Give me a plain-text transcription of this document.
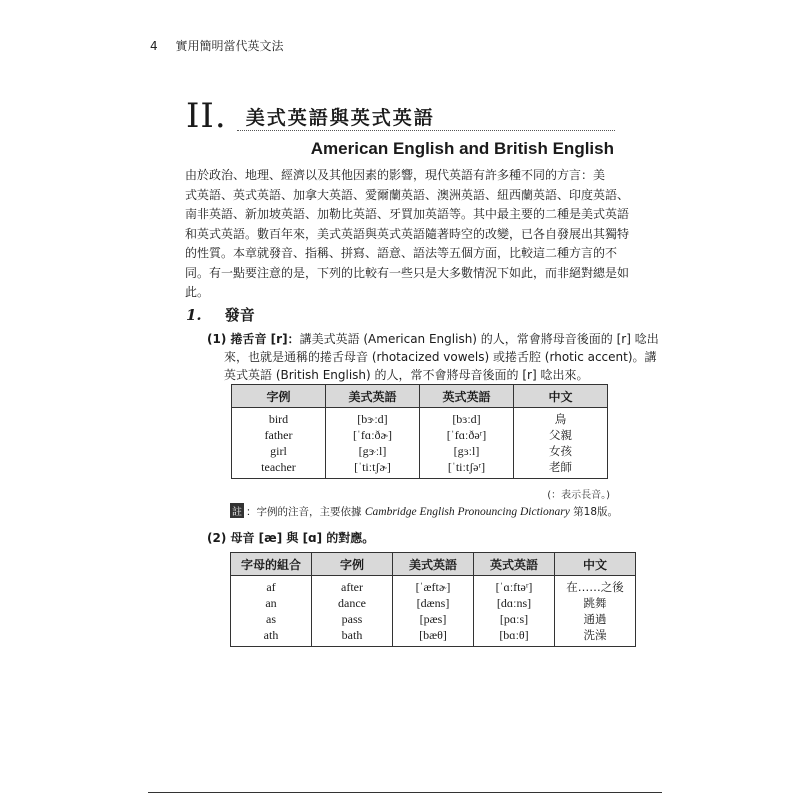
4 實用簡明當代英文法
II. 美式英語與英式英語
American English and British English
由於政治、地理、經濟以及其他因素的影響，現代英語有許多種不同的方言：美
式英語、英式英語、加拿大英語、愛爾蘭英語、澳洲英語、紐西蘭英語、印度英語、
南非英語、新加坡英語、加勒比英語、牙買加英語等。其中最主要的二種是美式英語
和英式英語。數百年來，美式英語與英式英語隨著時空的改變，已各自發展出其獨特
的性質。本章就發音、指稱、拼寫、語意、語法等五個方面，比較這二種方言的不
同。有一點要注意的是，下列的比較有一些只是大多數情況下如此，而非絕對總是如
此。
1. 發音
(1) 捲舌音 [r]：講美式英語 (American English) 的人，常會將母音後面的 [r] 唸出
來，也就是通稱的捲舌母音 (rhotacized vowels) 或捲舌腔 (rhotic accent)。講
英式英語 (British English) 的人，常不會將母音後面的 [r] 唸出來。
字例	美式英語	英式英語	中文
bird	[bɝːd]	[bɜːd]	鳥
father	[ˈfɑːðɚ]	[ˈfɑːðəʳ]	父親
girl	[gɝːl]	[gɜːl]	女孩
teacher	[ˈtiːtʃɚ]	[ˈtiːtʃəʳ]	老師
(：表示長音。)
註 ：字例的注音，主要依據 Cambridge English Pronouncing Dictionary 第18版。
(2) 母音 [æ] 與 [ɑ] 的對應。
字母的組合	字例	美式英語	英式英語	中文
af	after	[ˈæftɚ]	[ˈɑːftəʳ]	在……之後
an	dance	[dæns]	[dɑːns]	跳舞
as	pass	[pæs]	[pɑːs]	通過
ath	bath	[bæθ]	[bɑːθ]	洗澡
